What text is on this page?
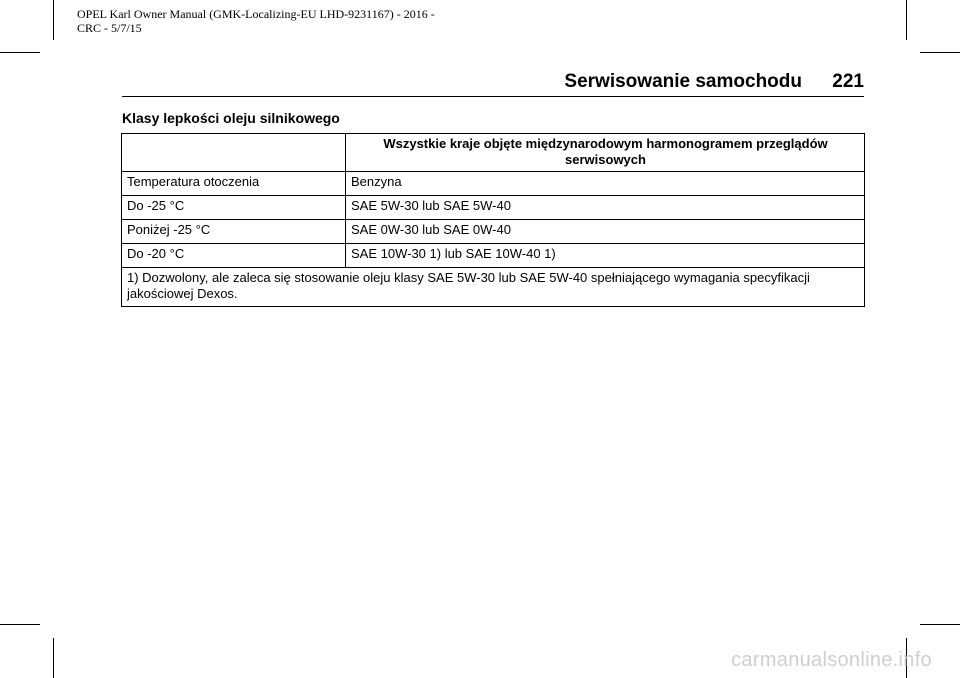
OPEL Karl Owner Manual (GMK-Localizing-EU LHD-9231167) - 2016 -
CRC - 5/7/15
Serwisowanie samochodu 221
Klasy lepkości oleju silnikowego
	Wszystkie kraje objęte międzynarodowym harmonogramem przeglądów serwisowych
Temperatura otoczenia	Benzyna
Do -25 °C	SAE 5W-30 lub SAE 5W-40
Poniżej -25 °C	SAE 0W-30 lub SAE 0W-40
Do -20 °C	SAE 10W-30 1) lub SAE 10W-40 1)
1) Dozwolony, ale zaleca się stosowanie oleju klasy SAE 5W-30 lub SAE 5W-40 spełniającego wymagania specyfikacji jakościowej Dexos.	
carmanualsonline.info
